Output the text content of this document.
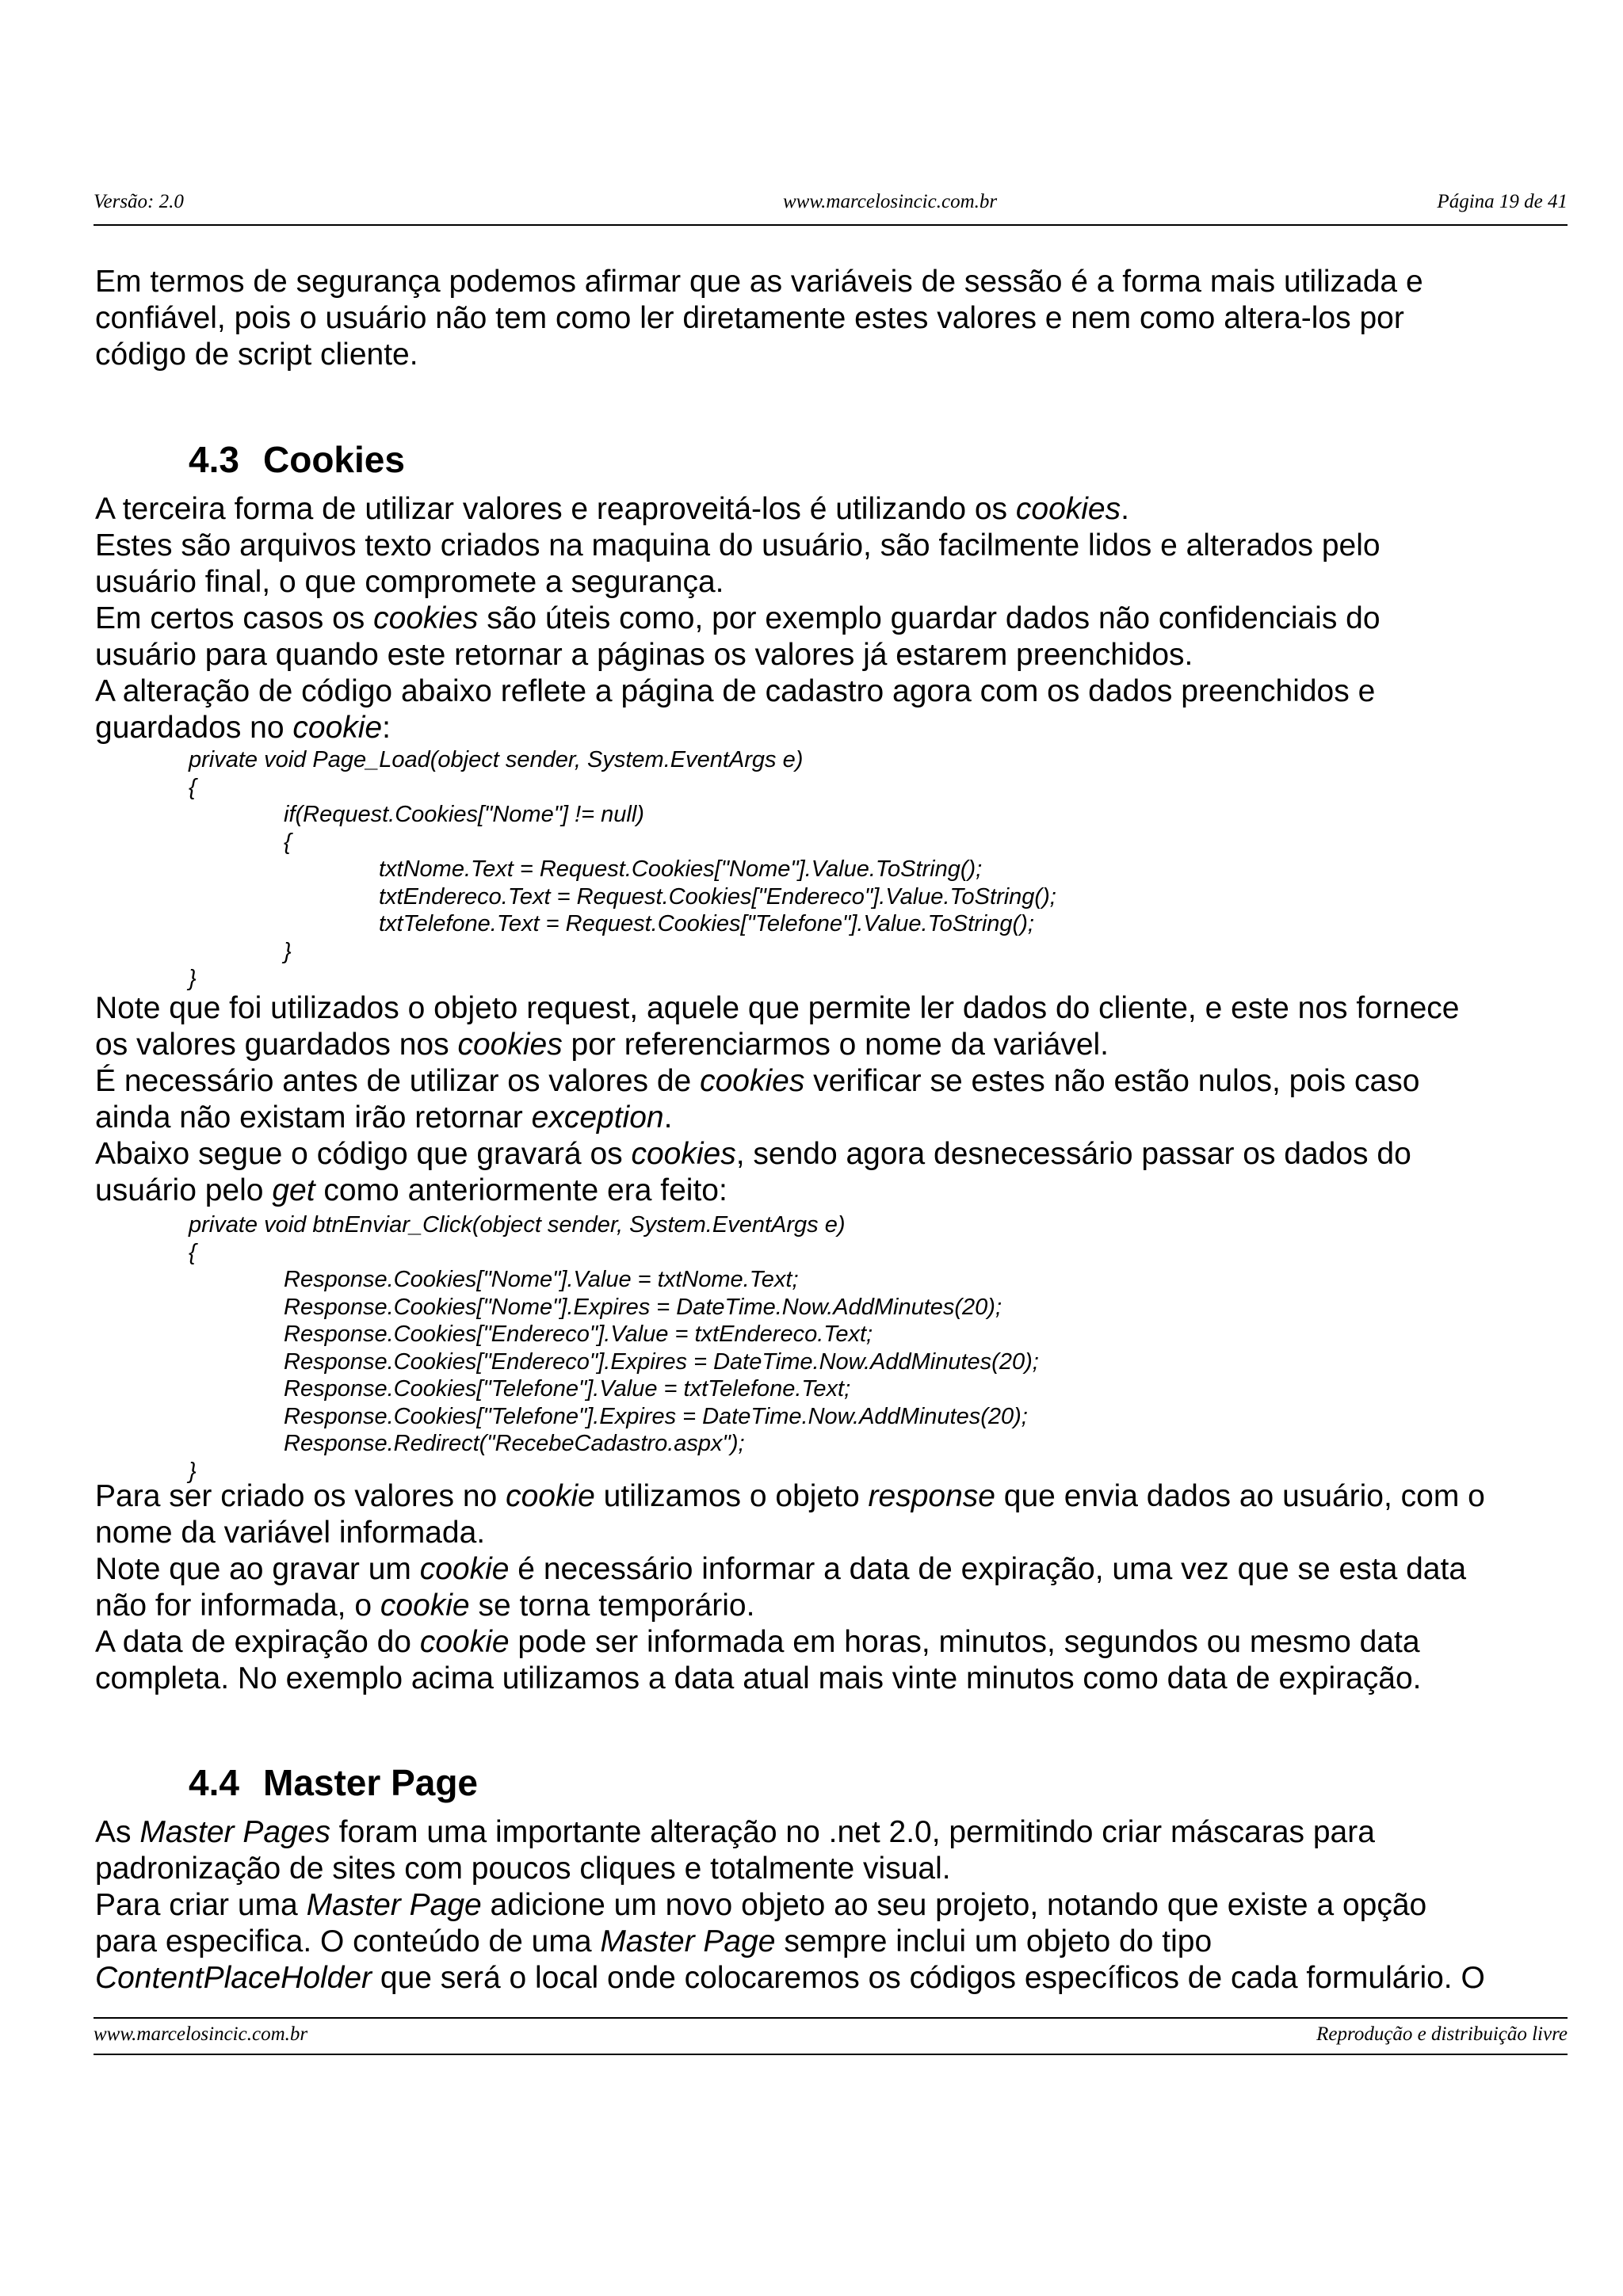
Versão: 2.0	www.marcelosincic.com.br	Página 19 de 41
Em termos de segurança podemos afirmar que as variáveis de sessão é a forma mais utilizada e
confiável, pois o usuário não tem como ler diretamente estes valores e nem como altera-los por
código de script cliente.
4.3 Cookies
A terceira forma de utilizar valores e reaproveitá-los é utilizando os cookies.
Estes são arquivos texto criados na maquina do usuário, são facilmente lidos e alterados pelo
usuário final, o que compromete a segurança.
Em certos casos os cookies são úteis como, por exemplo guardar dados não confidenciais do
usuário para quando este retornar a páginas os valores já estarem preenchidos.
A alteração de código abaixo reflete a página de cadastro agora com os dados preenchidos e
guardados no cookie:
private void Page_Load(object sender, System.EventArgs e)
{
if(Request.Cookies["Nome"] != null)
{
txtNome.Text = Request.Cookies["Nome"].Value.ToString();
txtEndereco.Text = Request.Cookies["Endereco"].Value.ToString();
txtTelefone.Text = Request.Cookies["Telefone"].Value.ToString();
}
}
Note que foi utilizados o objeto request, aquele que permite ler dados do cliente, e este nos fornece
os valores guardados nos cookies por referenciarmos o nome da variável.
É necessário antes de utilizar os valores de cookies verificar se estes não estão nulos, pois caso
ainda não existam irão retornar exception.
Abaixo segue o código que gravará os cookies, sendo agora desnecessário passar os dados do
usuário pelo get como anteriormente era feito:
private void btnEnviar_Click(object sender, System.EventArgs e)
{
Response.Cookies["Nome"].Value = txtNome.Text;
Response.Cookies["Nome"].Expires = DateTime.Now.AddMinutes(20);
Response.Cookies["Endereco"].Value = txtEndereco.Text;
Response.Cookies["Endereco"].Expires = DateTime.Now.AddMinutes(20);
Response.Cookies["Telefone"].Value = txtTelefone.Text;
Response.Cookies["Telefone"].Expires = DateTime.Now.AddMinutes(20);
Response.Redirect("RecebeCadastro.aspx");
}
Para ser criado os valores no cookie utilizamos o objeto response que envia dados ao usuário, com o
nome da variável informada.
Note que ao gravar um cookie é necessário informar a data de expiração, uma vez que se esta data
não for informada, o cookie se torna temporário.
A data de expiração do cookie pode ser informada em horas, minutos, segundos ou mesmo data
completa. No exemplo acima utilizamos a data atual mais vinte minutos como data de expiração.
4.4 Master Page
As Master Pages foram uma importante alteração no .net 2.0, permitindo criar máscaras para
padronização de sites com poucos cliques e totalmente visual.
Para criar uma Master Page adicione um novo objeto ao seu projeto, notando que existe a opção
para especifica. O conteúdo de uma Master Page sempre inclui um objeto do tipo
ContentPlaceHolder que será o local onde colocaremos os códigos específicos de cada formulário. O
www.marcelosincic.com.br	Reprodução e distribuição livre
